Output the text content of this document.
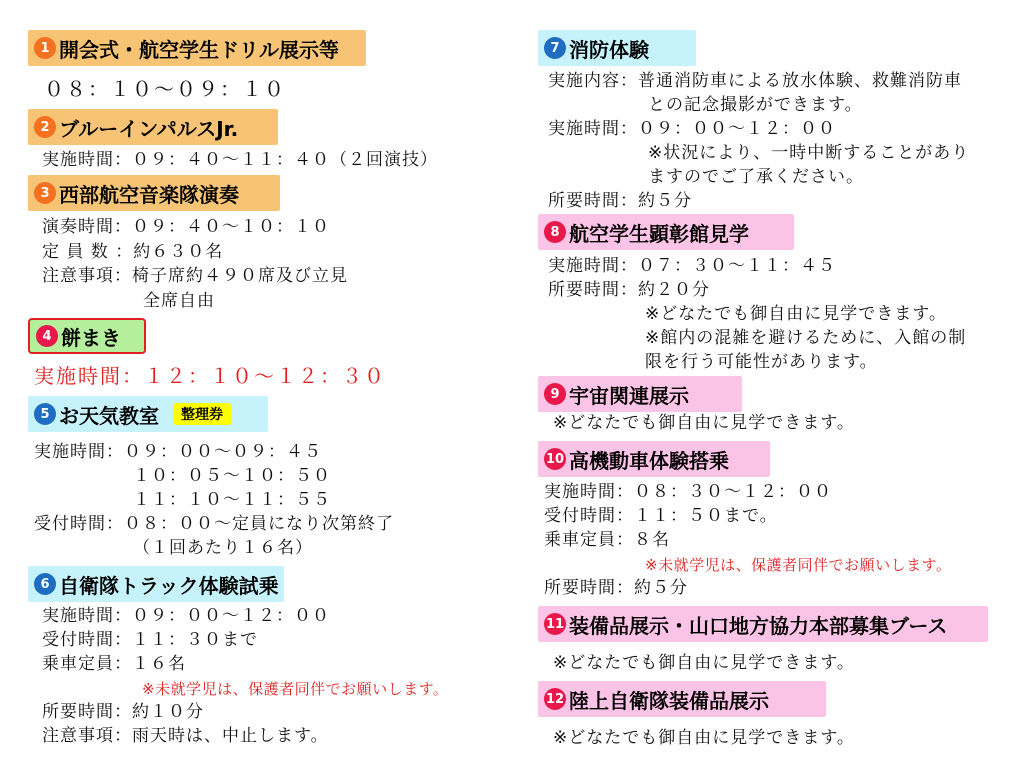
1 開会式・航空学生ドリル展示等
０８：１０～０９：１０
2 ブルーインパルスJr.
実施時間：０９：４０～１１：４０（２回演技）
3 西部航空音楽隊演奏
演奏時間：０９：４０～１０：１０
定 員 数 ：約６３０名
注意事項：椅子席約４９０席及び立見
全席自由
4 餅まき
実施時間：１２：１０～１２：３０
5 お天気教室	整理券
実施時間：０９：００～０９：４５
１０：０５～１０：５０
１１：１０～１１：５５
受付時間：０８：００～定員になり次第終了
（１回あたり１６名）
6 自衛隊トラック体験試乗
実施時間：０９：００～１２：００
受付時間：１１：３０まで
乗車定員：１６名
※未就学児は、保護者同伴でお願いします。
所要時間：約１０分
注意事項：雨天時は、中止します。
7 消防体験
実施内容：普通消防車による放水体験、救難消防車
との記念撮影ができます。
実施時間：０９：００～１２：００
※状況により、一時中断することがあり
ますのでご了承ください。
所要時間：約５分
8 航空学生顕彰館見学
実施時間：０７：３０～１１：４５
所要時間：約２０分
※どなたでも御自由に見学できます。
※館内の混雑を避けるために、入館の制
限を行う可能性があります。
9 宇宙関連展示
※どなたでも御自由に見学できます。
10 高機動車体験搭乗
実施時間：０８：３０～１２：００
受付時間：１１：５０まで。
乗車定員：８名
※未就学児は、保護者同伴でお願いします。
所要時間：約５分
11 装備品展示・山口地方協力本部募集ブース
※どなたでも御自由に見学できます。
12 陸上自衛隊装備品展示
※どなたでも御自由に見学できます。
